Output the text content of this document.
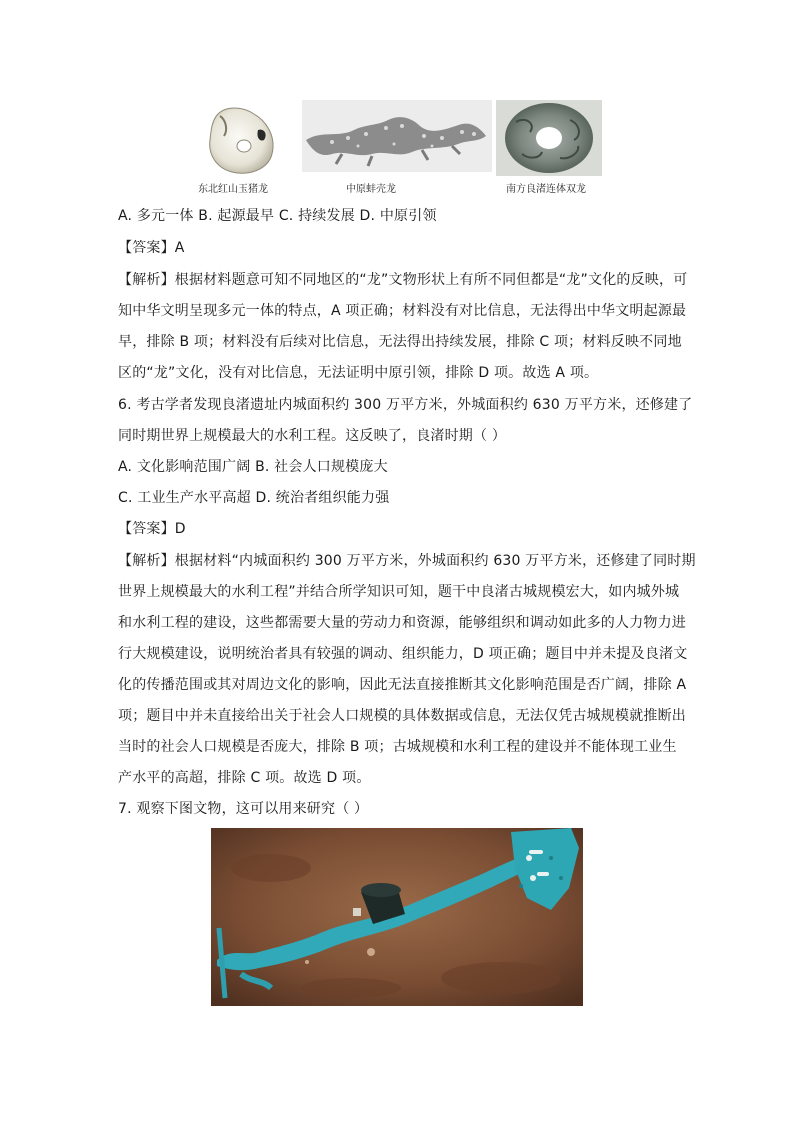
东北红山玉猪龙	中原蚌壳龙	南方良渚连体双龙
A. 多元一体 B. 起源最早 C. 持续发展 D. 中原引领
【答案】A
【解析】根据材料题意可知不同地区的“龙”文物形状上有所不同但都是“龙”文化的反映，可
知中华文明呈现多元一体的特点，A 项正确；材料没有对比信息，无法得出中华文明起源最
早，排除 B 项；材料没有后续对比信息，无法得出持续发展，排除 C 项；材料反映不同地
区的“龙”文化，没有对比信息，无法证明中原引领，排除 D 项。故选 A 项。
6. 考古学者发现良渚遗址内城面积约 300 万平方米，外城面积约 630 万平方米，还修建了
同时期世界上规模最大的水利工程。这反映了，良渚时期（ ）
A. 文化影响范围广阔 B. 社会人口规模庞大
C. 工业生产水平高超 D. 统治者组织能力强
【答案】D
【解析】根据材料“内城面积约 300 万平方米，外城面积约 630 万平方米，还修建了同时期
世界上规模最大的水利工程”并结合所学知识可知，题干中良渚古城规模宏大，如内城外城
和水利工程的建设，这些都需要大量的劳动力和资源，能够组织和调动如此多的人力物力进
行大规模建设，说明统治者具有较强的调动、组织能力，D 项正确；题目中并未提及良渚文
化的传播范围或其对周边文化的影响，因此无法直接推断其文化影响范围是否广阔，排除 A
项；题目中并未直接给出关于社会人口规模的具体数据或信息，无法仅凭古城规模就推断出
当时的社会人口规模是否庞大，排除 B 项；古城规模和水利工程的建设并不能体现工业生
产水平的高超，排除 C 项。故选 D 项。
7. 观察下图文物，这可以用来研究（ ）
